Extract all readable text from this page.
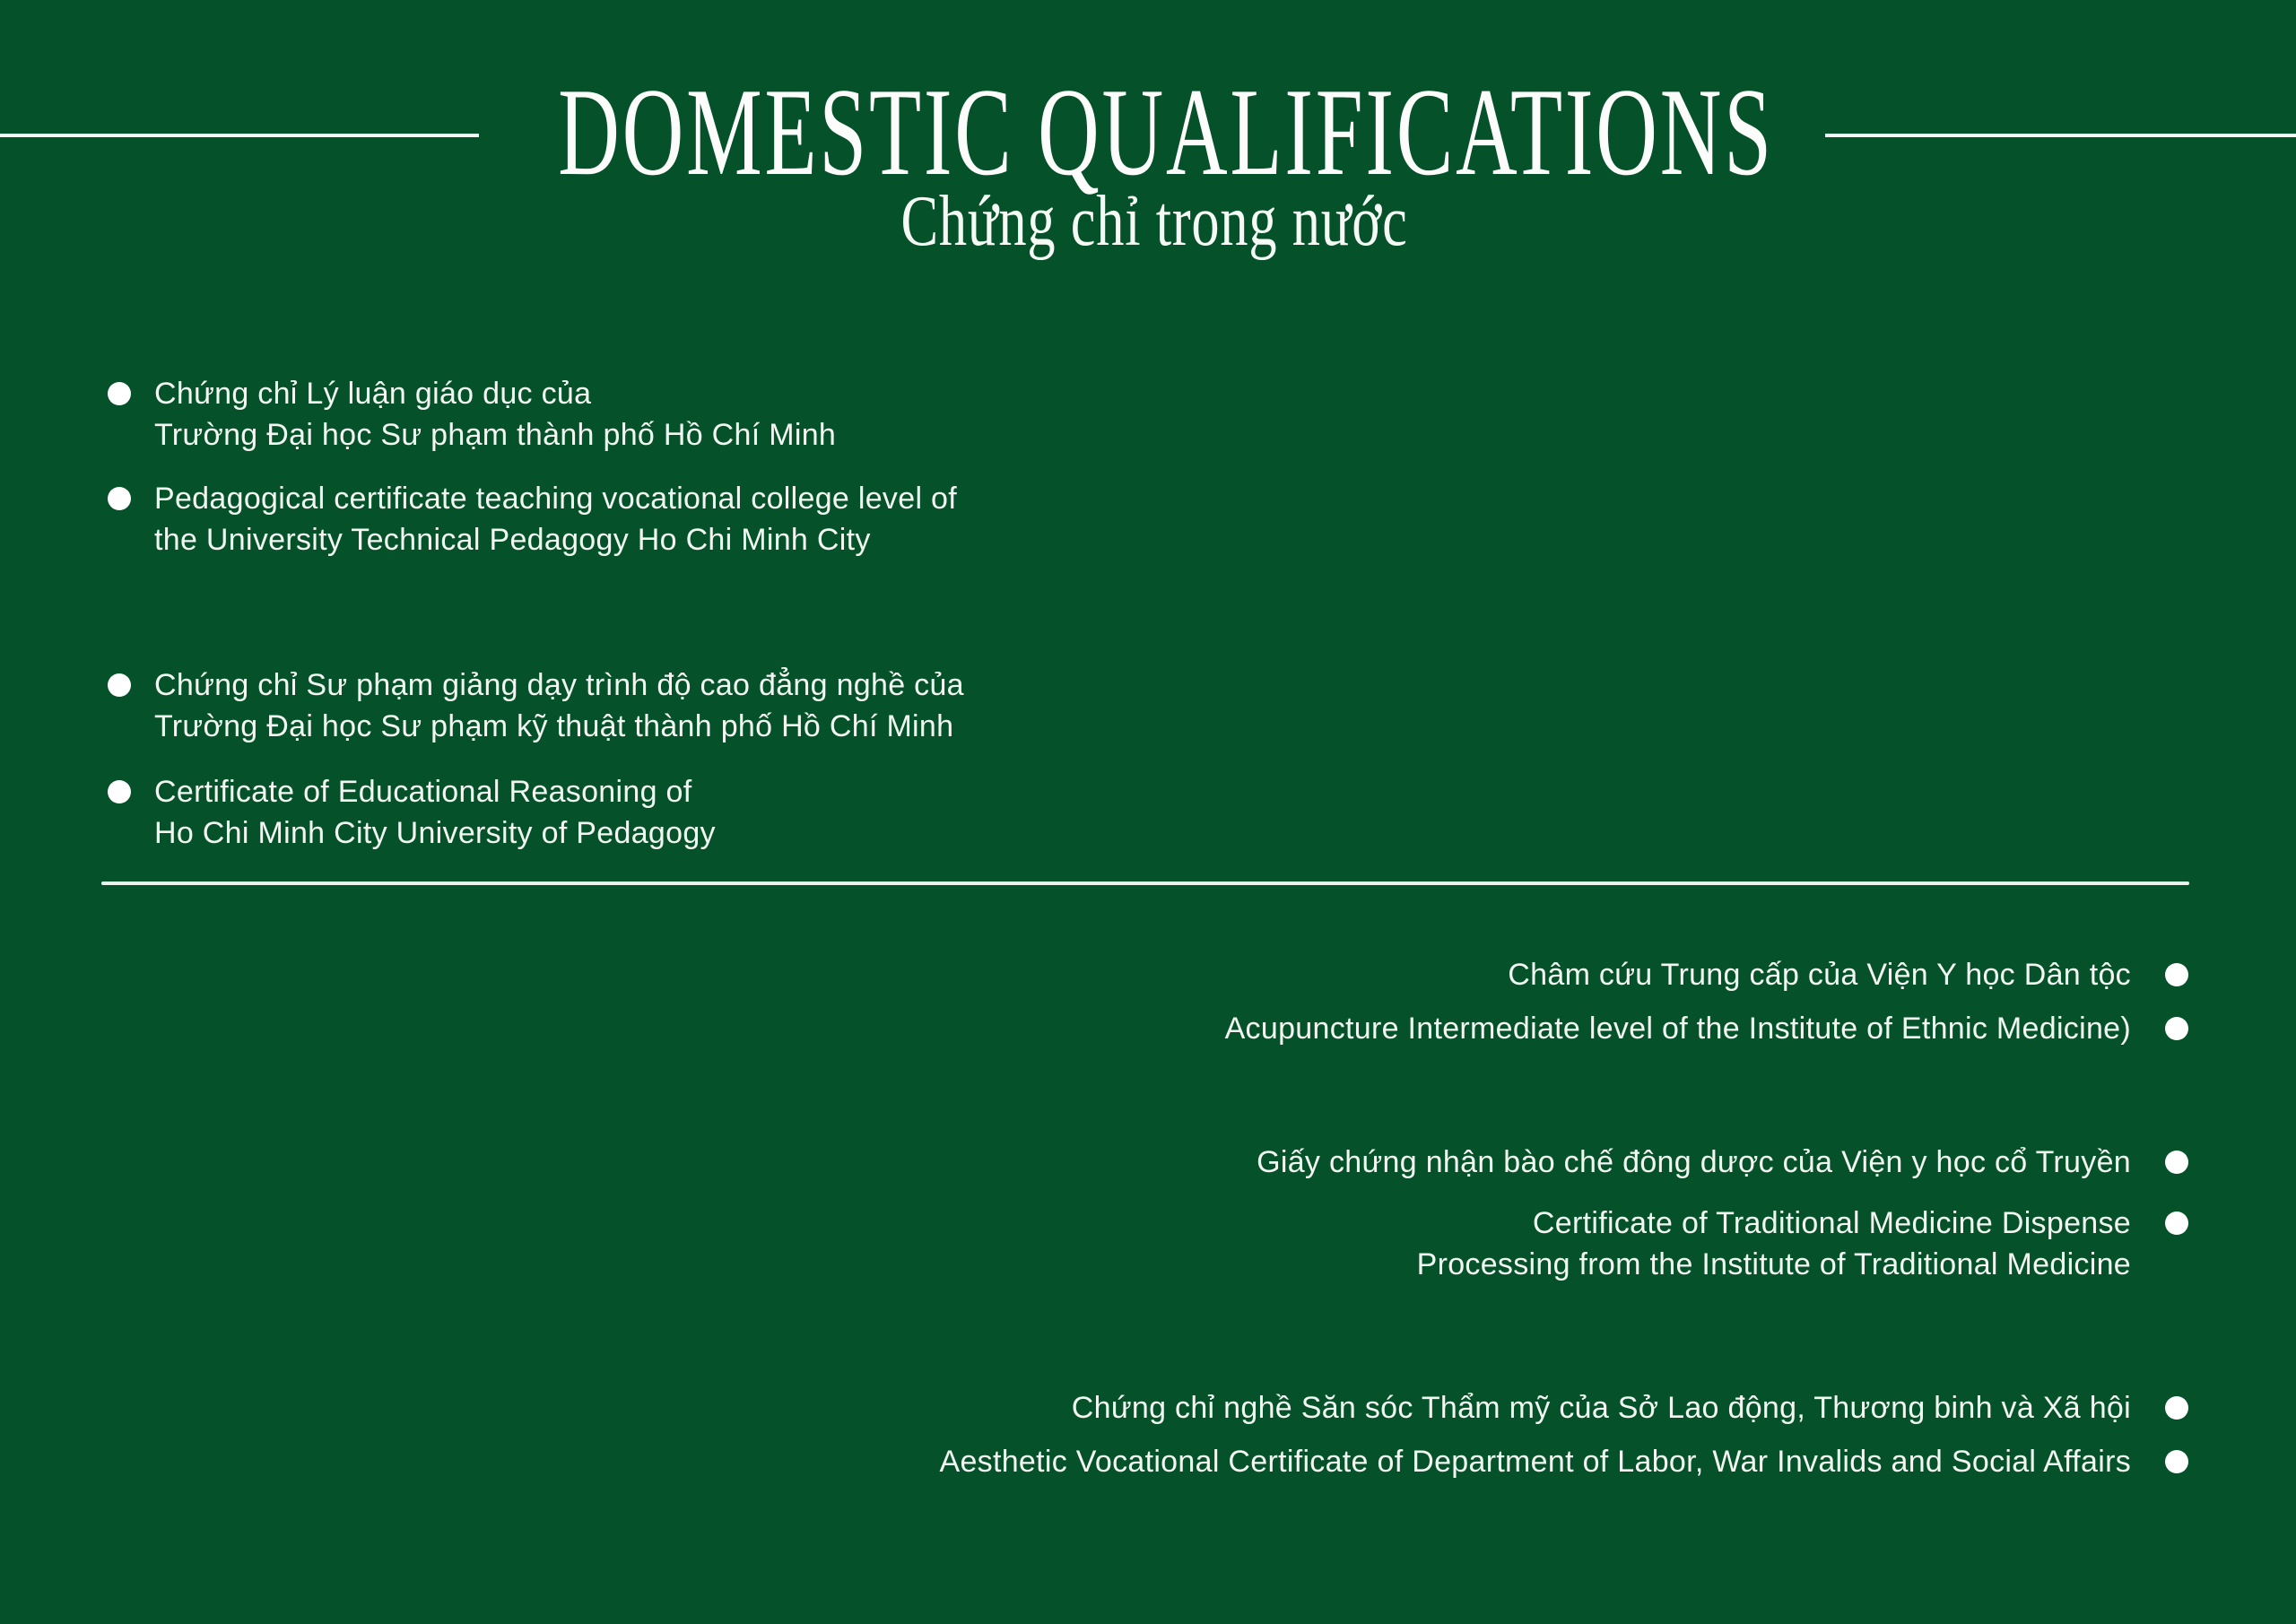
DOMESTIC QUALIFICATIONS
Chứng chỉ trong nước
Chứng chỉ Lý luận giáo dục của
Trường Đại học Sư phạm thành phố Hồ Chí Minh
Pedagogical certificate teaching vocational college level of
the University Technical Pedagogy Ho Chi Minh City
Chứng chỉ Sư phạm giảng dạy trình độ cao đẳng nghề của
Trường Đại học Sư phạm kỹ thuật thành phố Hồ Chí Minh
Certificate of Educational Reasoning of
Ho Chi Minh City University of Pedagogy
Châm cứu Trung cấp của Viện Y học Dân tộc
Acupuncture Intermediate level of the Institute of Ethnic Medicine)
Giấy chứng nhận bào chế đông dược của Viện y học cổ Truyền
Certificate of Traditional Medicine Dispense
Processing from the Institute of Traditional Medicine
Chứng chỉ nghề Săn sóc Thẩm mỹ của Sở Lao động, Thương binh và Xã hội
Aesthetic Vocational Certificate of Department of Labor, War Invalids and Social Affairs
